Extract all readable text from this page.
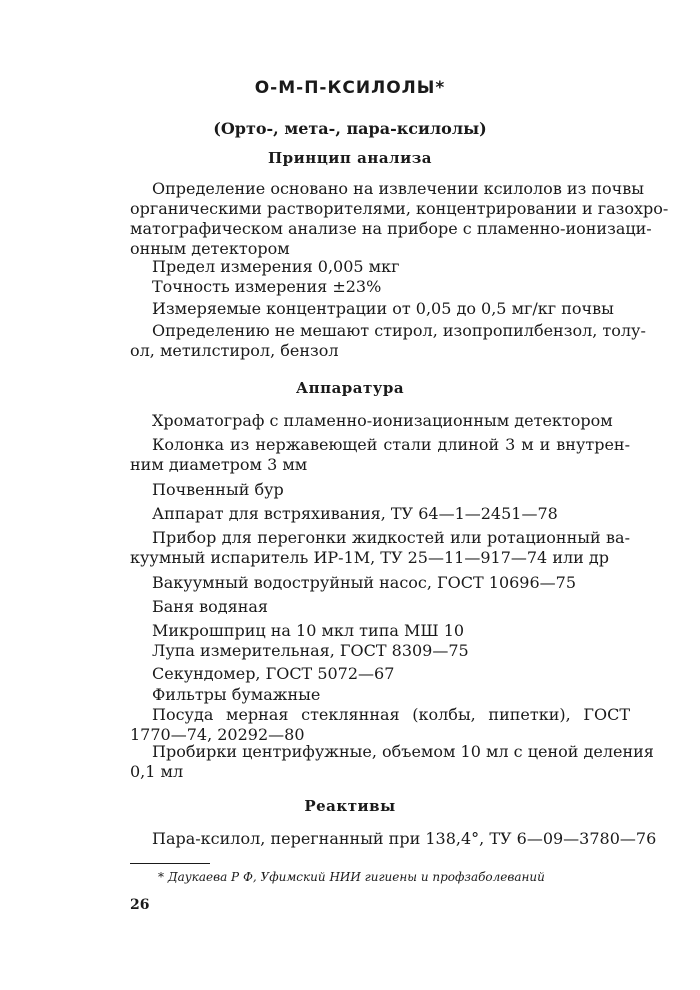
О-М-П-КСИЛОЛЫ*
(Орто-, мета-, пара-ксилолы)
Принцип анализа
Определение основано на извлечении ксилолов из почвы
органическими растворителями, концентрировании и газохро-
матографическом анализе на приборе с пламенно-ионизаци-
онным детектором
Предел измерения 0,005 мкг
Точность измерения ±23%
Измеряемые концентрации от 0,05 до 0,5 мг/кг почвы
Определению не мешают стирол, изопропилбензол, толу-
ол, метилстирол, бензол
Аппаратура
Хроматограф с пламенно-ионизационным детектором
Колонка из нержавеющей стали длиной 3 м и внутрен-
ним диаметром 3 мм
Почвенный бур
Аппарат для встряхивания, ТУ 64—1—2451—78
Прибор для перегонки жидкостей или ротационный ва-
куумный испаритель ИР-1М, ТУ 25—11—917—74 или др
Вакуумный водоструйный насос, ГОСТ 10696—75
Баня водяная
Микрошприц на 10 мкл типа МШ 10
Лупа измерительная, ГОСТ 8309—75
Секундомер, ГОСТ 5072—67
Фильтры бумажные
Посуда мерная стеклянная (колбы, пипетки), ГОСТ
1770—74, 20292—80
Пробирки центрифужные, объемом 10 мл с ценой деления
0,1 мл
Реактивы
Пара-ксилол, перегнанный при 138,4°, ТУ 6—09—3780—76
* Даукаева Р Ф, Уфимский НИИ гигиены и профзаболеваний
26
